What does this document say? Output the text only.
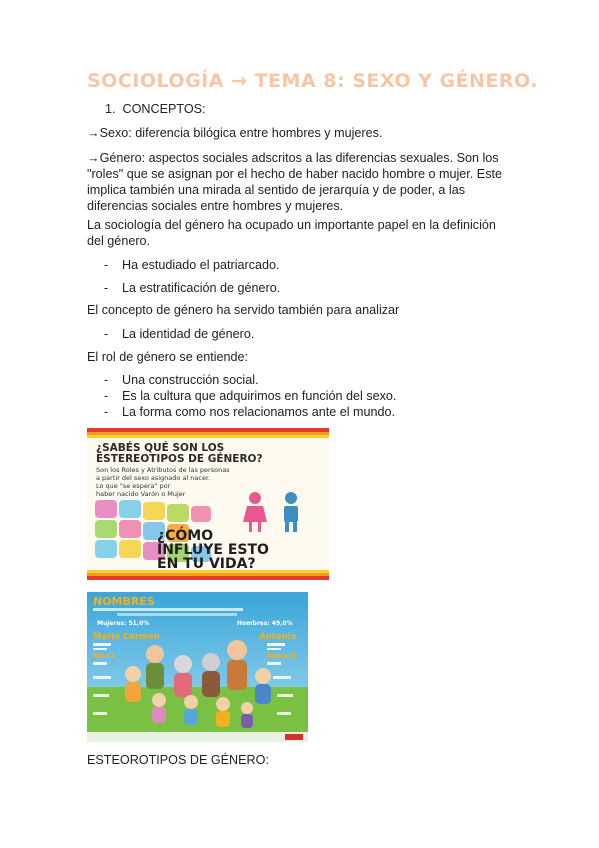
SOCIOLOGÍA → TEMA 8: SEXO Y GÉNERO.
1. CONCEPTOS:

→Sexo: diferencia bilógica entre hombres y mujeres.

→Género: aspectos sociales adscritos a las diferencias sexuales. Son los "roles" que se asignan por el hecho de haber nacido hombre o mujer. Este implica también una mirada al sentido de jerarquía y de poder, a las diferencias sociales entre hombres y mujeres.

La sociología del género ha ocupado un importante papel en la definición del género.

- Ha estudiado el patriarcado.
- La estratificación de género.

El concepto de género ha servido también para analizar

- La identidad de género.

El rol de género se entiende:

- Una construcción social.
- Es la cultura que adquirimos en función del sexo.
- La forma como nos relacionamos ante el mundo.
¿SABÉS QUÉ SON LOS
ESTEREOTIPOS DE GÉNERO?
Son los Roles y Atributos de las personas
a partir del sexo asignado al nacer.
Lo que "se espera" por
haber nacido Varón o Mujer
¿CÓMO
INFLUYE ESTO
EN TU VIDA?
NOMBRES
Mujeres: 51,0%	Hombres: 49,0%
María Carmen	Antonio
María	Manuel
ESTEOROTIPOS DE GÉNERO:
